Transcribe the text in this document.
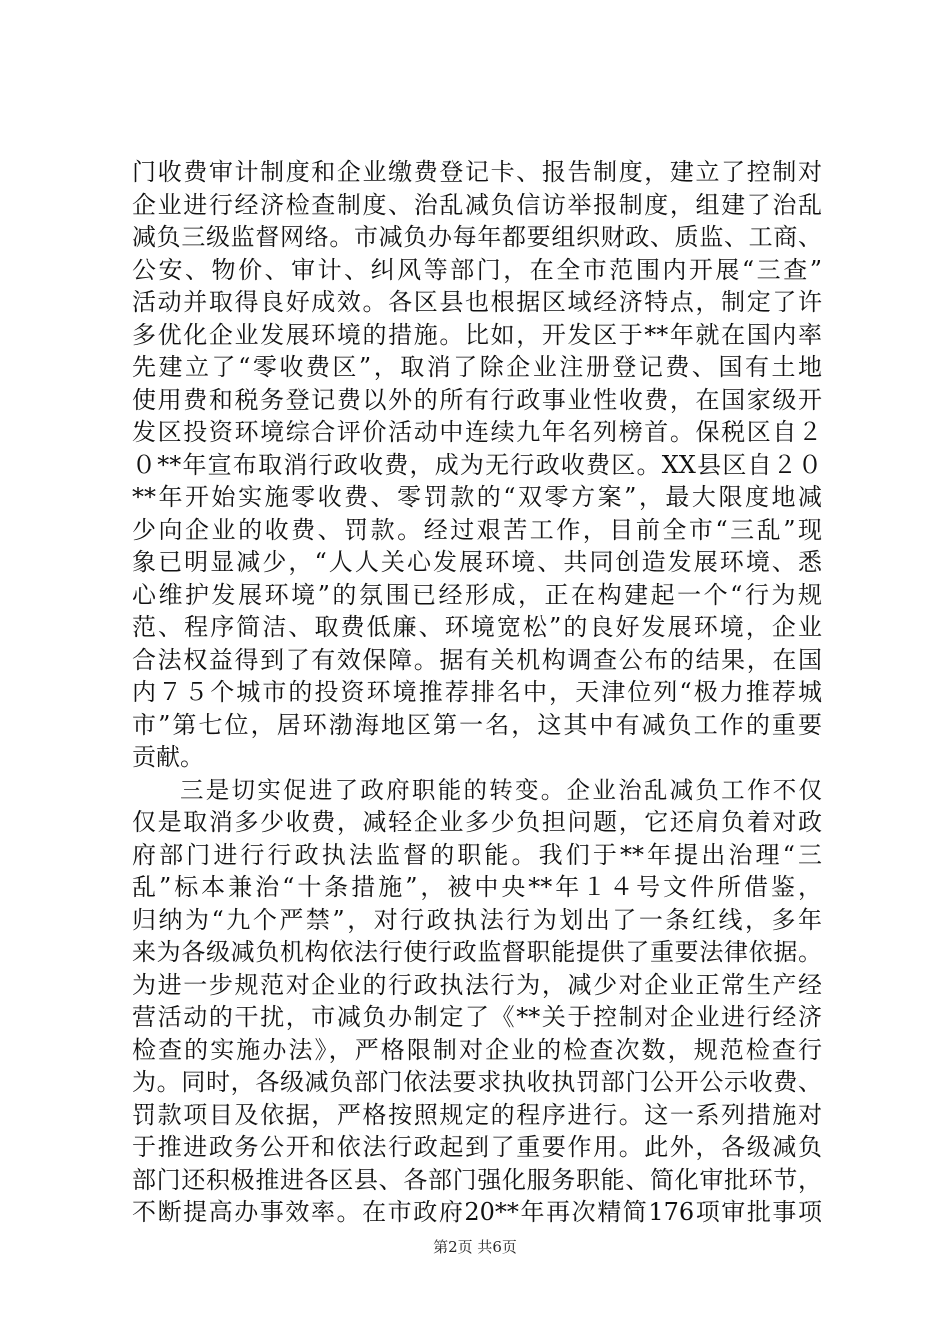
门收费审计制度和企业缴费登记卡、报告制度，建立了控制对
企业进行经济检查制度、治乱减负信访举报制度，组建了治乱
减负三级监督网络。市减负办每年都要组织财政、质监、工商、
公安、物价、审计、纠风等部门，在全市范围内开展“三查”
活动并取得良好成效。各区县也根据区域经济特点，制定了许
多优化企业发展环境的措施。比如，开发区于**年就在国内率
先建立了“零收费区”，取消了除企业注册登记费、国有土地
使用费和税务登记费以外的所有行政事业性收费，在国家级开
发区投资环境综合评价活动中连续九年名列榜首。保税区自２
０**年宣布取消行政收费，成为无行政收费区。XX县区自２０
**年开始实施零收费、零罚款的“双零方案”，最大限度地减
少向企业的收费、罚款。经过艰苦工作，目前全市“三乱”现
象已明显减少，“人人关心发展环境、共同创造发展环境、悉
心维护发展环境”的氛围已经形成，正在构建起一个“行为规
范、程序简洁、取费低廉、环境宽松”的良好发展环境，企业
合法权益得到了有效保障。据有关机构调查公布的结果，在国
内７５个城市的投资环境推荐排名中，天津位列“极力推荐城
市”第七位，居环渤海地区第一名，这其中有减负工作的重要
贡献。
三是切实促进了政府职能的转变。企业治乱减负工作不仅
仅是取消多少收费，减轻企业多少负担问题，它还肩负着对政
府部门进行行政执法监督的职能。我们于**年提出治理“三
乱”标本兼治“十条措施”，被中央**年１４号文件所借鉴，
归纳为“九个严禁”，对行政执法行为划出了一条红线，多年
来为各级减负机构依法行使行政监督职能提供了重要法律依据。
为进一步规范对企业的行政执法行为，减少对企业正常生产经
营活动的干扰，市减负办制定了《**关于控制对企业进行经济
检查的实施办法》，严格限制对企业的检查次数，规范检查行
为。同时，各级减负部门依法要求执收执罚部门公开公示收费、
罚款项目及依据，严格按照规定的程序进行。这一系列措施对
于推进政务公开和依法行政起到了重要作用。此外，各级减负
部门还积极推进各区县、各部门强化服务职能、简化审批环节，
不断提高办事效率。在市政府20**年再次精简176项审批事项
第2页 共6页
